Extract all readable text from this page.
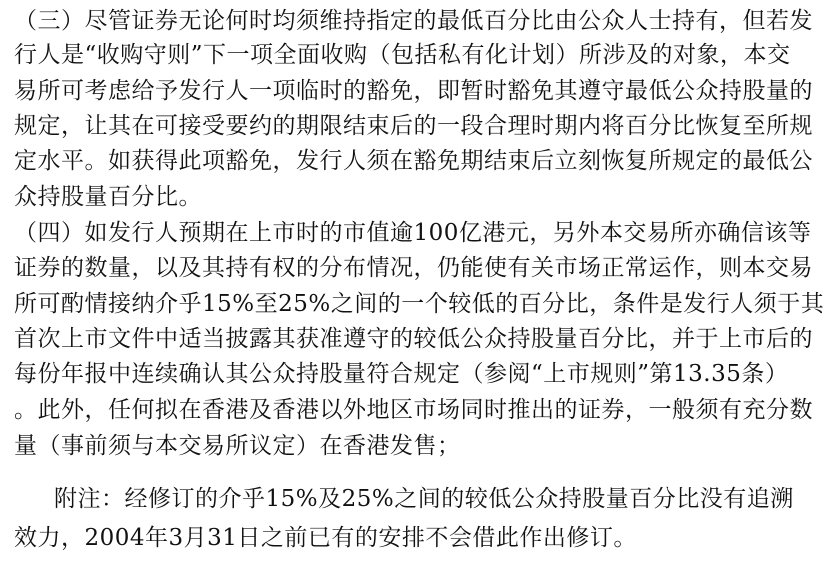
（三）尽管证券无论何时均须维持指定的最低百分比由公众人士持有，但若发
行人是“收购守则”下一项全面收购（包括私有化计划）所涉及的对象，本交
易所可考虑给予发行人一项临时的豁免，即暂时豁免其遵守最低公众持股量的
规定，让其在可接受要约的期限结束后的一段合理时期内将百分比恢复至所规
定水平。如获得此项豁免，发行人须在豁免期结束后立刻恢复所规定的最低公
众持股量百分比。
（四）如发行人预期在上市时的市值逾100亿港元，另外本交易所亦确信该等
证券的数量，以及其持有权的分布情况，仍能使有关市场正常运作，则本交易
所可酌情接纳介乎15%至25%之间的一个较低的百分比，条件是发行人须于其
首次上市文件中适当披露其获准遵守的较低公众持股量百分比，并于上市后的
每份年报中连续确认其公众持股量符合规定（参阅“上市规则”第13.35条）
。此外，任何拟在香港及香港以外地区市场同时推出的证券，一般须有充分数
量（事前须与本交易所议定）在香港发售；
附注：经修订的介乎15%及25%之间的较低公众持股量百分比没有追溯
效力，2004年3月31日之前已有的安排不会借此作出修订。
